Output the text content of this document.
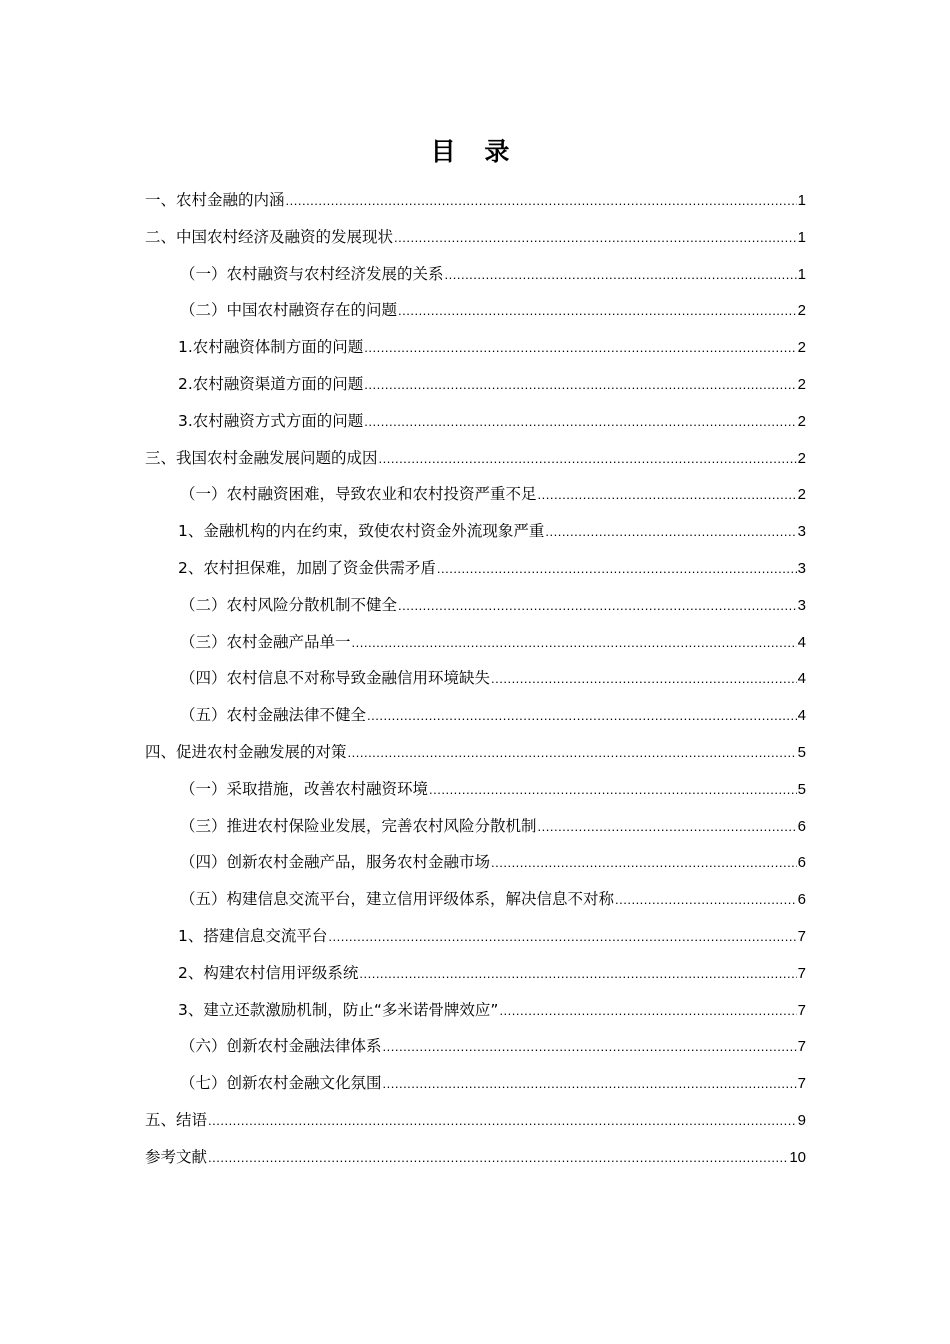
目 录
一、农村金融的内涵 .....	1
二、中国农村经济及融资的发展现状 .....	1
（一）农村融资与农村经济发展的关系 .....	1
（二）中国农村融资存在的问题 .....	2
1.农村融资体制方面的问题 .....	2
2.农村融资渠道方面的问题 .....	2
3.农村融资方式方面的问题 .....	2
三、我国农村金融发展问题的成因 .....	2
（一）农村融资困难，导致农业和农村投资严重不足 .....	2
1、金融机构的内在约束，致使农村资金外流现象严重 .....	3
2、农村担保难，加剧了资金供需矛盾 .....	3
（二）农村风险分散机制不健全 .....	3
（三）农村金融产品单一 .....	4
（四）农村信息不对称导致金融信用环境缺失 .....	4
（五）农村金融法律不健全 .....	4
四、促进农村金融发展的对策 .....	5
（一）采取措施，改善农村融资环境 .....	5
（三）推进农村保险业发展，完善农村风险分散机制 .....	6
（四）创新农村金融产品，服务农村金融市场 .....	6
（五）构建信息交流平台，建立信用评级体系，解决信息不对称 .....	6
1、搭建信息交流平台 .....	7
2、构建农村信用评级系统 .....	7
3、建立还款激励机制，防止“多米诺骨牌效应” .....	7
（六）创新农村金融法律体系 .....	7
（七）创新农村金融文化氛围 .....	7
五、结语 .....	9
参考文献 .....	10
